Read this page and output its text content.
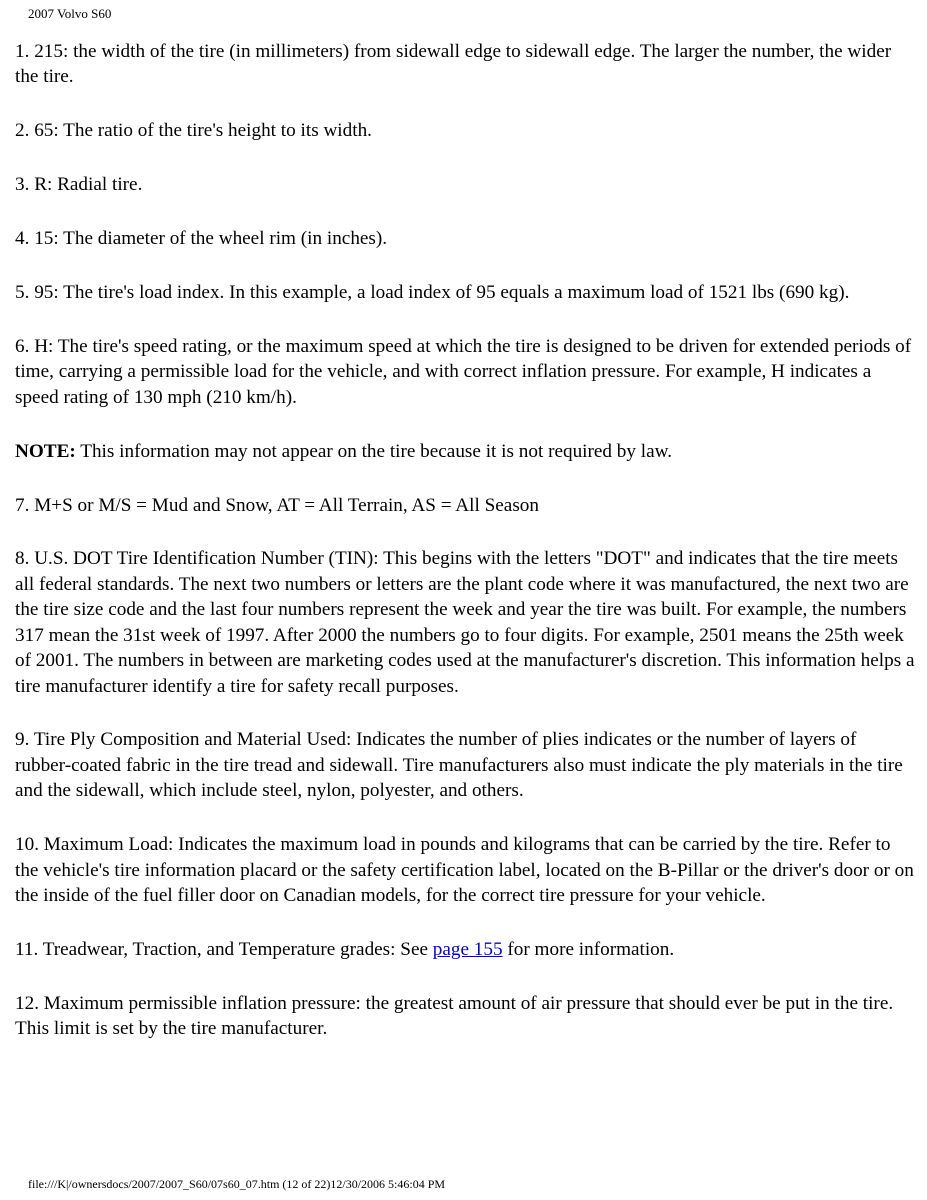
2007 Volvo S60

1. 215: the width of the tire (in millimeters) from sidewall edge to sidewall edge. The larger the number, the wider the tire.

2. 65: The ratio of the tire's height to its width.

3. R: Radial tire.

4. 15: The diameter of the wheel rim (in inches).

5. 95: The tire's load index. In this example, a load index of 95 equals a maximum load of 1521 lbs (690 kg).

6. H: The tire's speed rating, or the maximum speed at which the tire is designed to be driven for extended periods of time, carrying a permissible load for the vehicle, and with correct inflation pressure. For example, H indicates a speed rating of 130 mph (210 km/h).

NOTE: This information may not appear on the tire because it is not required by law.

7. M+S or M/S = Mud and Snow, AT = All Terrain, AS = All Season

8. U.S. DOT Tire Identification Number (TIN): This begins with the letters "DOT" and indicates that the tire meets all federal standards. The next two numbers or letters are the plant code where it was manufactured, the next two are the tire size code and the last four numbers represent the week and year the tire was built. For example, the numbers 317 mean the 31st week of 1997. After 2000 the numbers go to four digits. For example, 2501 means the 25th week of 2001. The numbers in between are marketing codes used at the manufacturer's discretion. This information helps a tire manufacturer identify a tire for safety recall purposes.

9. Tire Ply Composition and Material Used: Indicates the number of plies indicates or the number of layers of rubber-coated fabric in the tire tread and sidewall. Tire manufacturers also must indicate the ply materials in the tire and the sidewall, which include steel, nylon, polyester, and others.

10. Maximum Load: Indicates the maximum load in pounds and kilograms that can be carried by the tire. Refer to the vehicle's tire information placard or the safety certification label, located on the B-Pillar or the driver's door or on the inside of the fuel filler door on Canadian models, for the correct tire pressure for your vehicle.

11. Treadwear, Traction, and Temperature grades: See page 155 for more information.

12. Maximum permissible inflation pressure: the greatest amount of air pressure that should ever be put in the tire. This limit is set by the tire manufacturer.

file:///K|/ownersdocs/2007/2007_S60/07s60_07.htm (12 of 22)12/30/2006 5:46:04 PM
